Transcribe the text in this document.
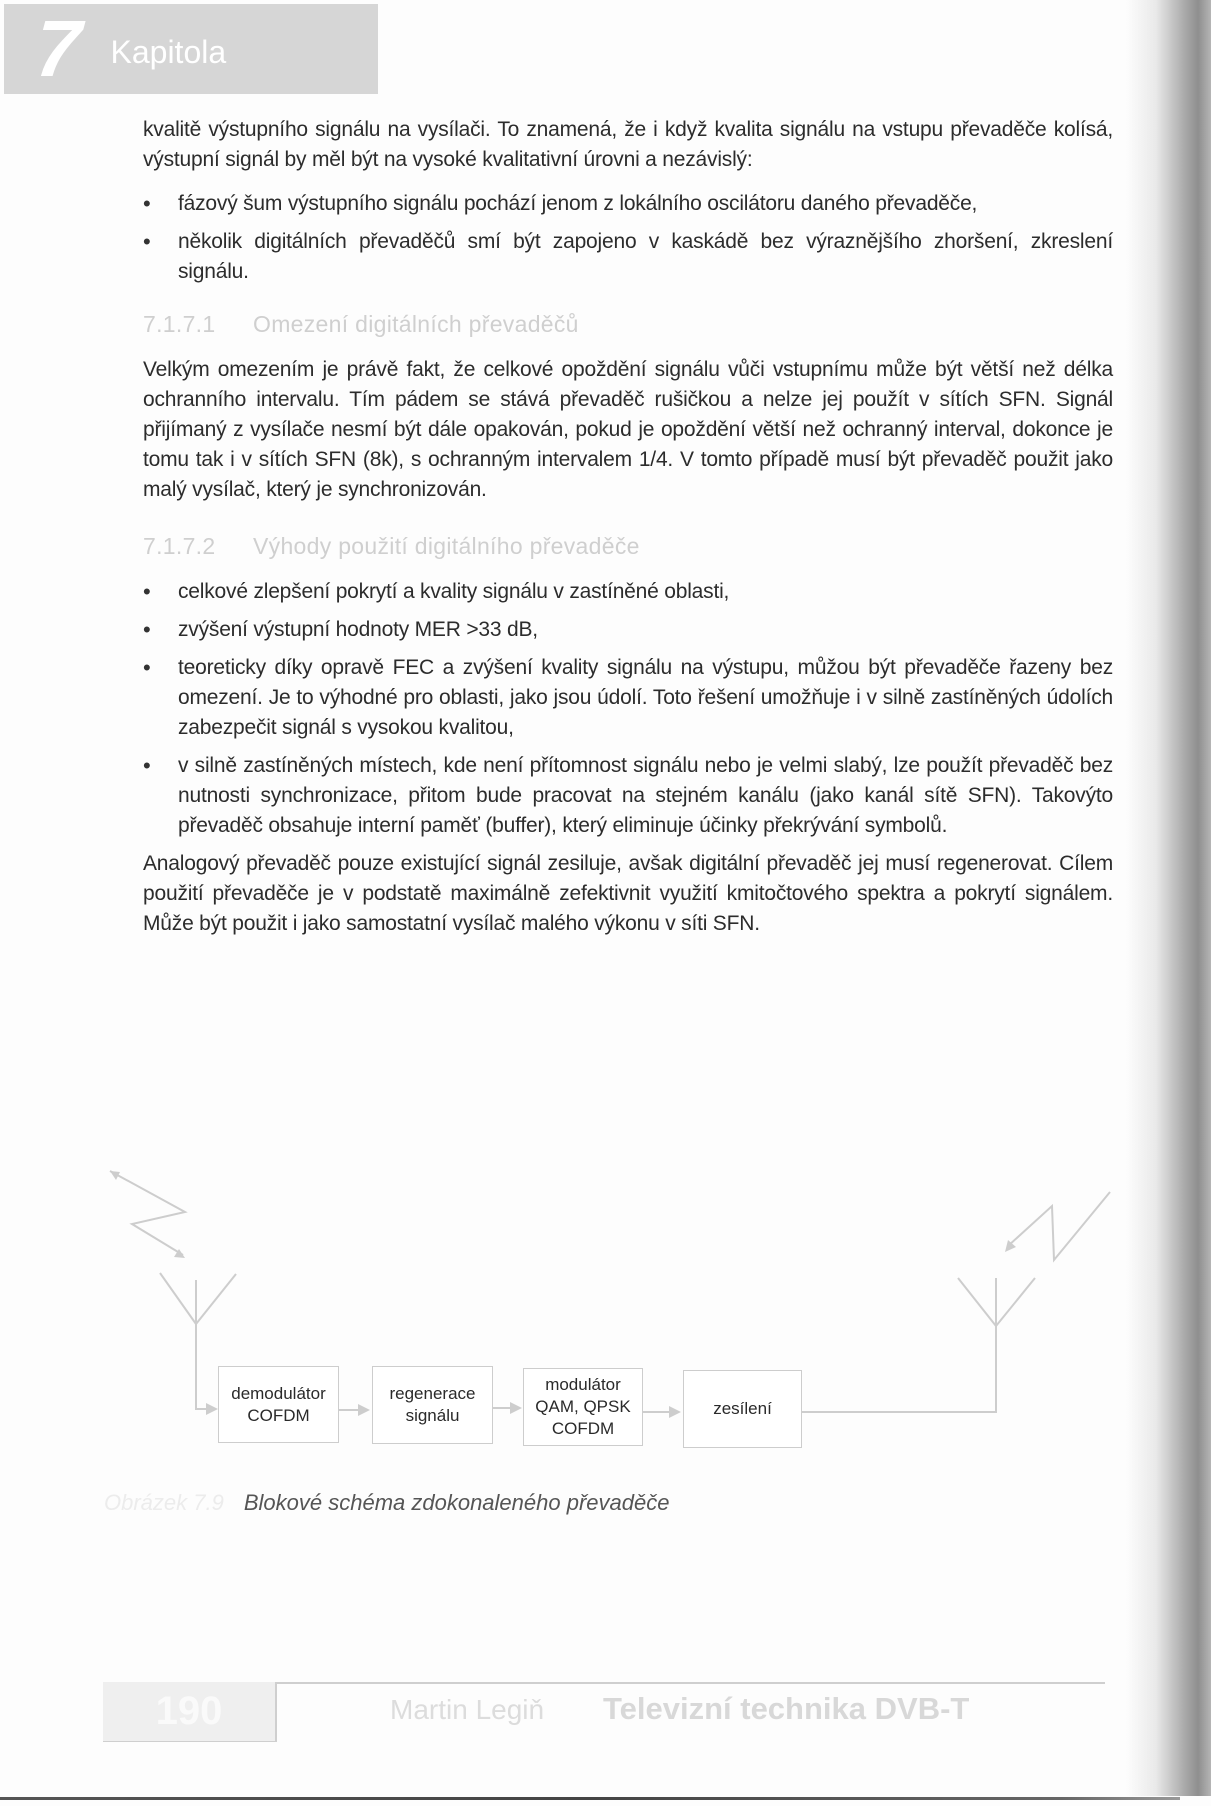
7 Kapitola

kvalitě výstupního signálu na vysílači. To znamená, že i když kvalita signálu na vstupu převaděče kolísá, výstupní signál by měl být na vysoké kvalitativní úrovni a nezávislý:

• fázový šum výstupního signálu pochází jenom z lokálního oscilátoru daného převaděče,
• několik digitálních převaděčů smí být zapojeno v kaskádě bez výraznějšího zhoršení, zkreslení signálu.
7.1.7.1 Omezení digitálních převaděčů

Velkým omezením je právě fakt, že celkové opoždění signálu vůči vstupnímu může být větší než délka ochranního intervalu. Tím pádem se stává převaděč rušičkou a nelze jej použít v sítích SFN. Signál přijímaný z vysílače nesmí být dále opakován, pokud je opoždění větší než ochranný interval, dokonce je tomu tak i v sítích SFN (8k), s ochranným intervalem 1/4. V tomto případě musí být převaděč použit jako malý vysílač, který je synchronizován.

7.1.7.2 Výhody použití digitálního převaděče
• celkové zlepšení pokrytí a kvality signálu v zastíněné oblasti,
• zvýšení výstupní hodnoty MER >33 dB,
• teoreticky díky opravě FEC a zvýšení kvality signálu na výstupu, můžou být převaděče řazeny bez omezení. Je to výhodné pro oblasti, jako jsou údolí. Toto řešení umožňuje i v silně zastíněných údolích zabezpečit signál s vysokou kvalitou,
• v silně zastíněných místech, kde není přítomnost signálu nebo je velmi slabý, lze použít převaděč bez nutnosti synchronizace, přitom bude pracovat na stejném kanálu (jako kanál sítě SFN). Takovýto převaděč obsahuje interní paměť (buffer), který eliminuje účinky překrývání symbolů.

Analogový převaděč pouze existující signál zesiluje, avšak digitální převaděč jej musí regenerovat. Cílem použití převaděče je v podstatě maximálně zefektivnit využití kmitočtového spektra a pokrytí signálem. Může být použit i jako samostatní vysílač malého výkonu v síti SFN.

demodulátor
COFDM
regenerace
signálu
modulátor
QAM, QPSK
COFDM
zesílení
Obrázek 7.9 Blokové schéma zdokonaleného převaděče
190	Martin Legiň Televizní technika DVB-T
